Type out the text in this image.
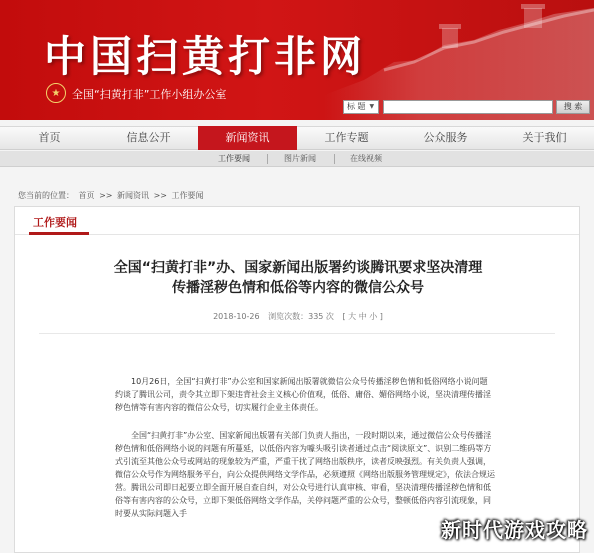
中国扫黄打非网
★	全国“扫黄打非”工作小组办公室
标 题 ▼	搜 索
首页	信息公开	新闻资讯	工作专题	公众服务	关于我们
工作要闻	图片新闻	在线视频
您当前的位置： 首页 >> 新闻资讯 >> 工作要闻
工作要闻
全国“扫黄打非”办、国家新闻出版署约谈腾讯要求坚决清理
传播淫秽色情和低俗等内容的微信公众号
2018-10-26 浏览次数：335 次 [ 大 中 小 ]

10月26日，全国“扫黄打非”办公室和国家新闻出版署就微信公众号传播淫秽色情和低俗网络小说问题约谈了腾讯公司，责令其立即下架违背社会主义核心价值观，低俗、庸俗、媚俗网络小说，坚决清理传播淫秽色情等有害内容的微信公众号，切实履行企业主体责任。

全国“扫黄打非”办公室、国家新闻出版署有关部门负责人指出，一段时期以来，通过微信公众号传播淫秽色情和低俗网络小说的问题有所蔓延，以低俗内容为噱头吸引读者通过点击“阅读原文”、识别二维码等方式引流至其他公众号或网站的现象较为严重，严重干扰了网络出版秩序，读者反映强烈。有关负责人强调，微信公众号作为网络服务平台，向公众提供网络文学作品，必须遵照《网络出版服务管理规定》，依法合规运营。腾讯公司即日起要立即全面开展自查自纠，对公众号进行认真审核、审看，坚决清理传播淫秽色情和低俗等有害内容的公众号，立即下架低俗网络文学作品，关停问题严重的公众号，整顿低俗内容引流现象，同时要从实际问题入手

新时代游戏攻略
